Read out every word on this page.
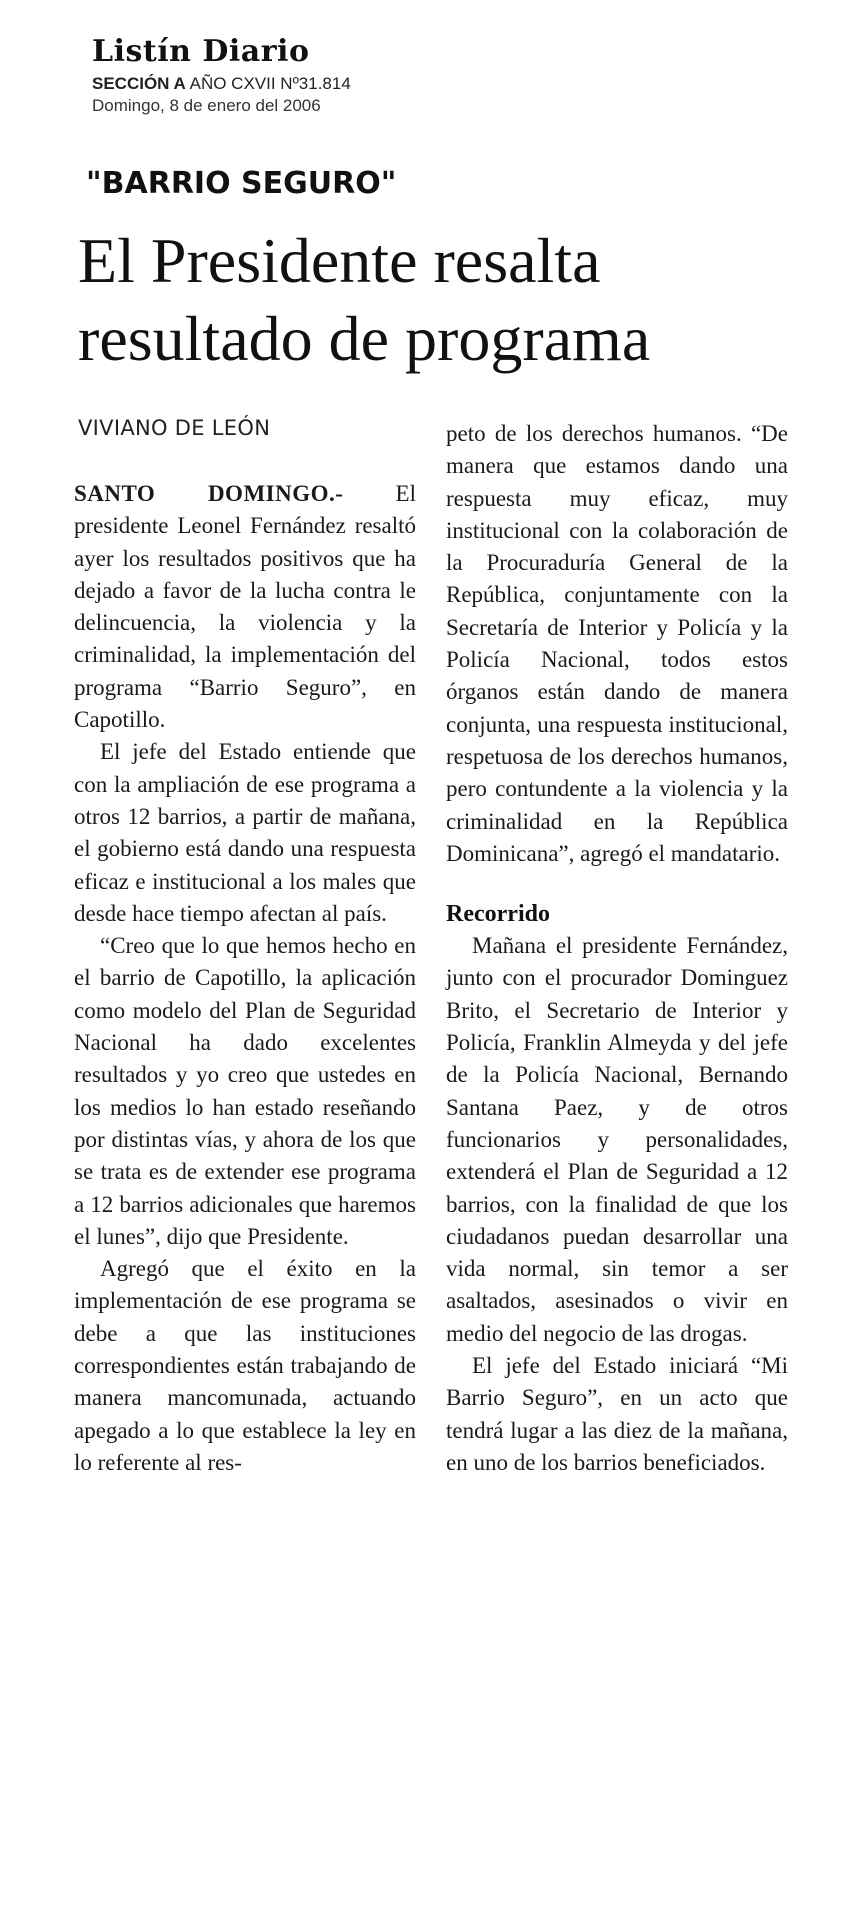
Listín Diario
SECCIÓN A AÑO CXVII Nº31.814
Domingo, 8 de enero del 2006
"BARRIO SEGURO"
El Presidente resalta resultado de programa
VIVIANO DE LEÓN

SANTO DOMINGO.- El presidente Leonel Fernández resaltó ayer los resultados positivos que ha dejado a favor de la lucha contra le delincuencia, la violencia y la criminalidad, la implementación del programa “Barrio Seguro”, en Capotillo.

El jefe del Estado entiende que con la ampliación de ese programa a otros 12 barrios, a partir de mañana, el gobierno está dando una respuesta eficaz e institucional a los males que desde hace tiempo afectan al país.

“Creo que lo que hemos hecho en el barrio de Capotillo, la aplicación como modelo del Plan de Seguridad Nacional ha dado excelentes resultados y yo creo que ustedes en los medios lo han estado reseñando por distintas vías, y ahora de los que se trata es de extender ese programa a 12 barrios adicionales que haremos el lunes”, dijo que Presidente.

Agregó que el éxito en la implementación de ese programa se debe a que las instituciones correspondientes están trabajando de manera mancomunada, actuando apegado a lo que establece la ley en lo referente al res-

peto de los derechos humanos. “De manera que estamos dando una respuesta muy eficaz, muy institucional con la colaboración de la Procuraduría General de la República, conjuntamente con la Secretaría de Interior y Policía y la Policía Nacional, todos estos órganos están dando de manera conjunta, una respuesta institucional, respetuosa de los derechos humanos, pero contundente a la violencia y la criminalidad en la República Dominicana”, agregó el mandatario.

Recorrido

Mañana el presidente Fernández, junto con el procurador Dominguez Brito, el Secretario de Interior y Policía, Franklin Almeyda y del jefe de la Policía Nacional, Bernando Santana Paez, y de otros funcionarios y personalidades, extenderá el Plan de Seguridad a 12 barrios, con la finalidad de que los ciudadanos puedan desarrollar una vida normal, sin temor a ser asaltados, asesinados o vivir en medio del negocio de las drogas.

El jefe del Estado iniciará “Mi Barrio Seguro”, en un acto que tendrá lugar a las diez de la mañana, en uno de los barrios beneficiados.
